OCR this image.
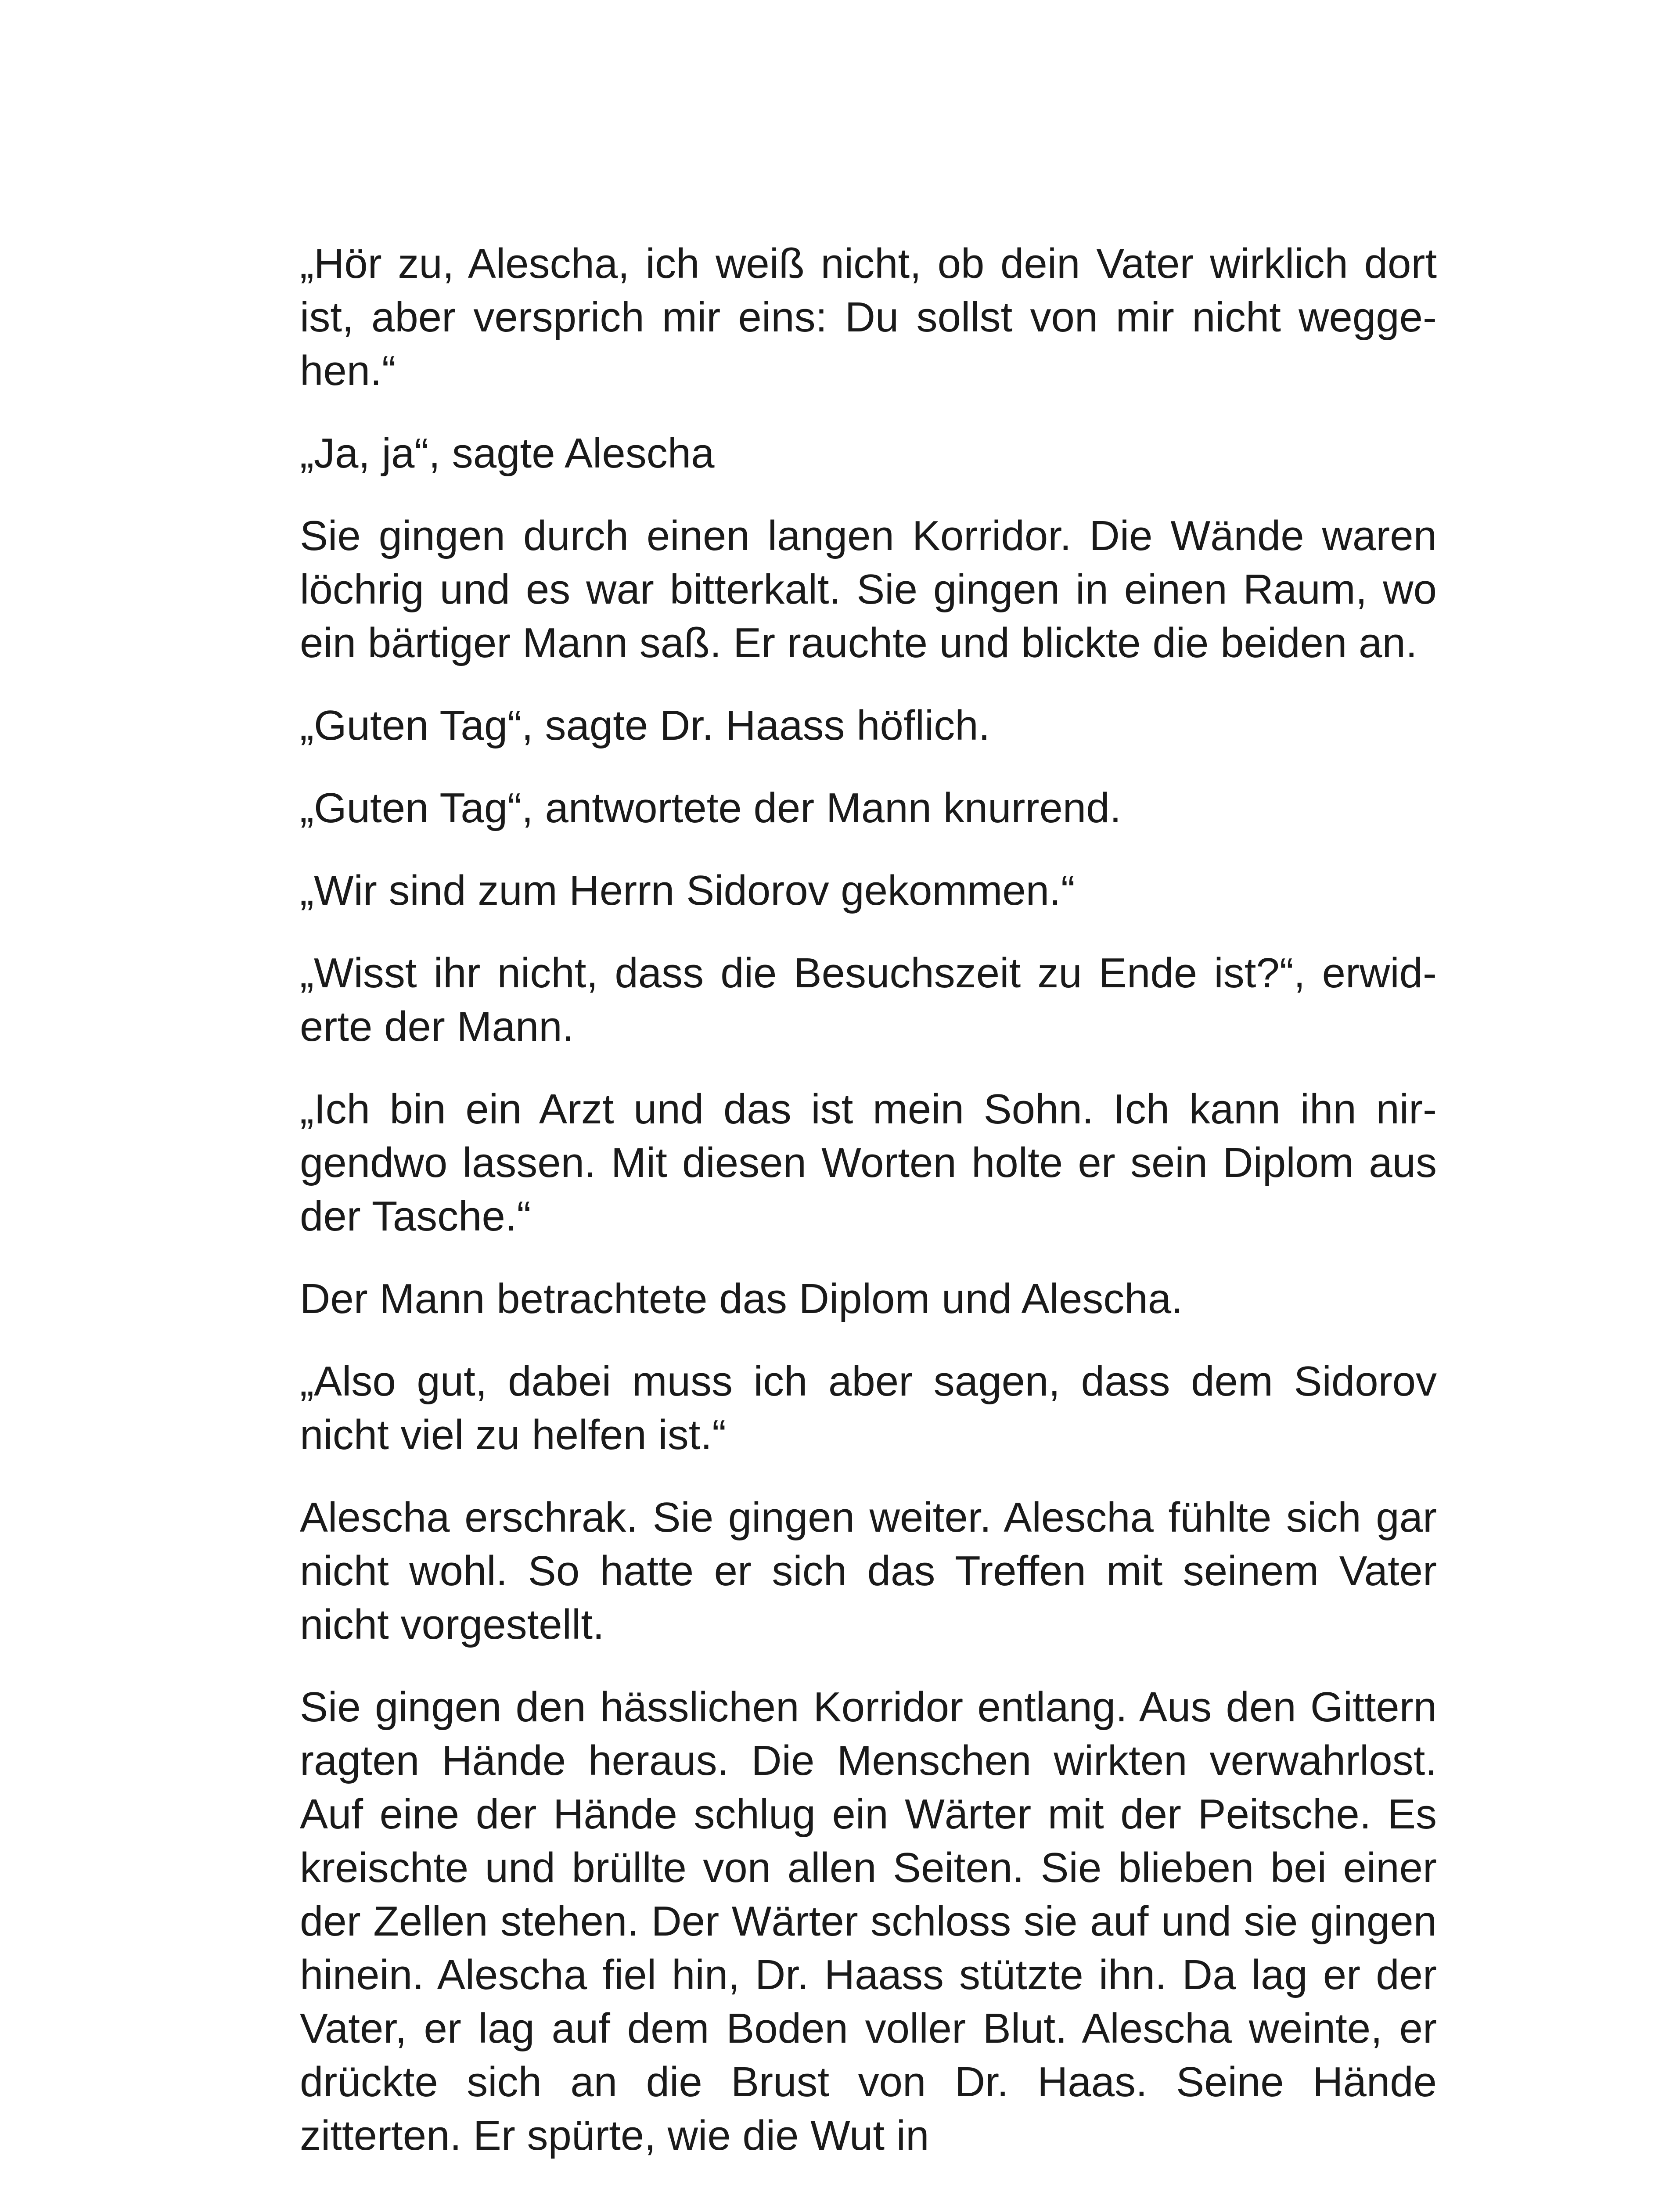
„Hör zu, Alescha, ich weiß nicht, ob dein Vater wirklich dort ist, aber versprich mir eins: Du sollst von mir nicht weggehen.“

„Ja, ja“, sagte Alescha

Sie gingen durch einen langen Korridor. Die Wände waren löchrig und es war bitterkalt. Sie gingen in einen Raum, wo ein bärtiger Mann saß. Er rauchte und blickte die beiden an.

„Guten Tag“, sagte Dr. Haass höflich.

„Guten Tag“, antwortete der Mann knurrend.

„Wir sind zum Herrn Sidorov gekommen.“

„Wisst ihr nicht, dass die Besuchszeit zu Ende ist?“, erwiderte der Mann.

„Ich bin ein Arzt und das ist mein Sohn. Ich kann ihn nirgendwo lassen. Mit diesen Worten holte er sein Diplom aus der Tasche.“

Der Mann betrachtete das Diplom und Alescha.

„Also gut, dabei muss ich aber sagen, dass dem Sidorov nicht viel zu helfen ist.“

Alescha erschrak. Sie gingen weiter. Alescha fühlte sich gar nicht wohl. So hatte er sich das Treffen mit seinem Vater nicht vorgestellt.

Sie gingen den hässlichen Korridor entlang. Aus den Gittern ragten Hände heraus. Die Menschen wirkten verwahrlost. Auf eine der Hände schlug ein Wärter mit der Peitsche. Es kreischte und brüllte von allen Seiten. Sie blieben bei einer der Zellen stehen. Der Wärter schloss sie auf und sie gingen hinein. Alescha fiel hin, Dr. Haass stützte ihn. Da lag er der Vater, er lag auf dem Boden voller Blut. Alescha weinte, er drückte sich an die Brust von Dr. Haas. Seine Hände zitterten. Er spürte, wie die Wut in
